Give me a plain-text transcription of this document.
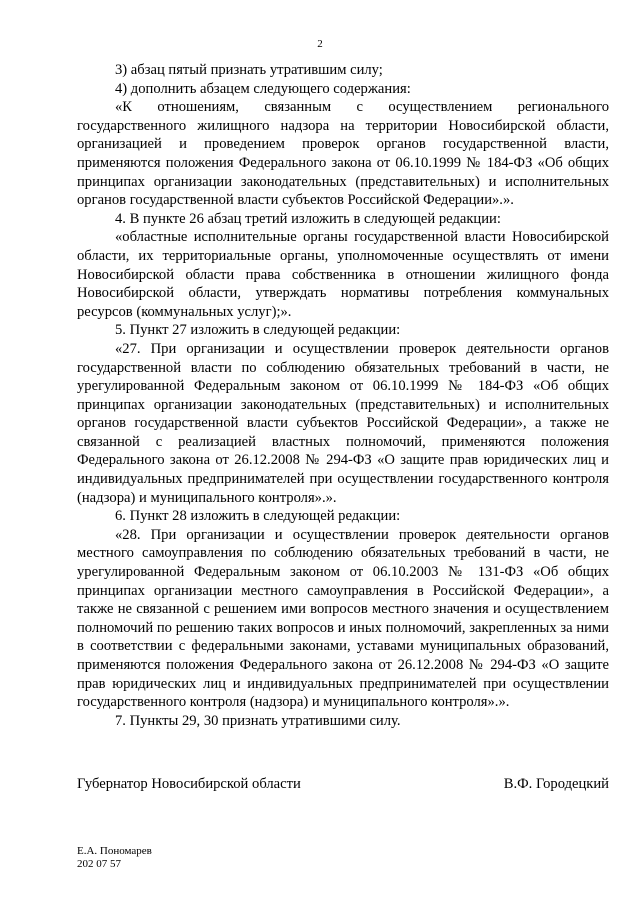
2

3) абзац пятый признать утратившим силу;

4) дополнить абзацем следующего содержания:

«К отношениям, связанным с осуществлением регионального государственного жилищного надзора на территории Новосибирской области, организацией и проведением проверок органов государственной власти, применяются положения Федерального закона от 06.10.1999 № 184-ФЗ «Об общих принципах организации законодательных (представительных) и исполнительных органов государственной власти субъектов Российской Федерации».».

4. В пункте 26 абзац третий изложить в следующей редакции:

«областные исполнительные органы государственной власти Новосибирской области, их территориальные органы, уполномоченные осуществлять от имени Новосибирской области права собственника в отношении жилищного фонда Новосибирской области, утверждать нормативы потребления коммунальных ресурсов (коммунальных услуг);».

5. Пункт 27 изложить в следующей редакции:

«27. При организации и осуществлении проверок деятельности органов государственной власти по соблюдению обязательных требований в части, не урегулированной Федеральным законом от 06.10.1999 № 184-ФЗ «Об общих принципах организации законодательных (представительных) и исполнительных органов государственной власти субъектов Российской Федерации», а также не связанной с реализацией властных полномочий, применяются положения Федерального закона от 26.12.2008 № 294-ФЗ «О защите прав юридических лиц и индивидуальных предпринимателей при осуществлении государственного контроля (надзора) и муниципального контроля».».

6. Пункт 28 изложить в следующей редакции:

«28. При организации и осуществлении проверок деятельности органов местного самоуправления по соблюдению обязательных требований в части, не урегулированной Федеральным законом от 06.10.2003 № 131-ФЗ «Об общих принципах организации местного самоуправления в Российской Федерации», а также не связанной с решением ими вопросов местного значения и осуществлением полномочий по решению таких вопросов и иных полномочий, закрепленных за ними в соответствии с федеральными законами, уставами муниципальных образований, применяются положения Федерального закона от 26.12.2008 № 294-ФЗ «О защите прав юридических лиц и индивидуальных предпринимателей при осуществлении государственного контроля (надзора) и муниципального контроля».».

7. Пункты 29, 30 признать утратившими силу.

Губернатор Новосибирской области	В.Ф. Городецкий
Е.А. Пономарев
202 07 57
